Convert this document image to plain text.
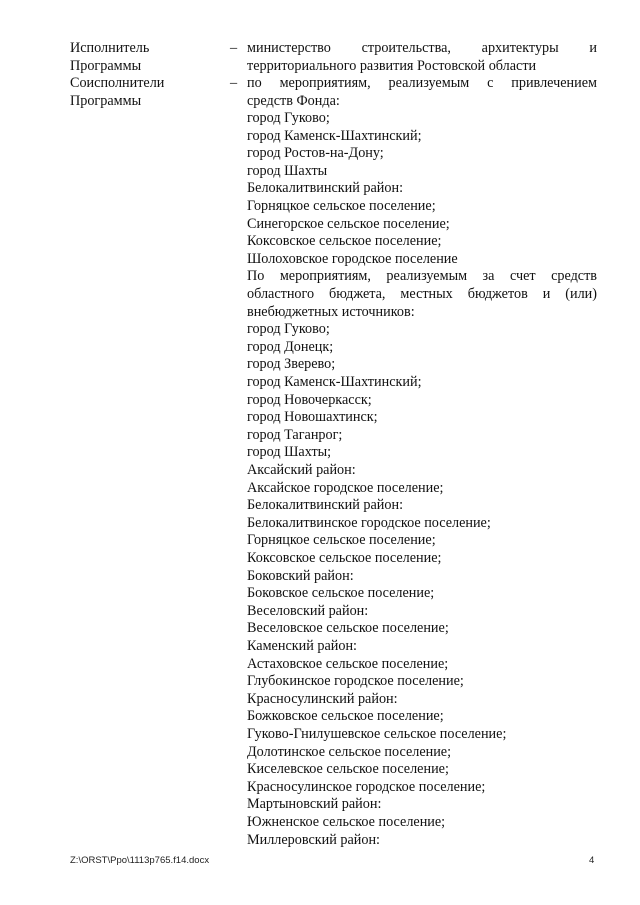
Исполнитель
Программы
– министерство строительства, архитектуры и
территориального развития Ростовской области
Соисполнители
Программы
– по мероприятиям, реализуемым с привлечением
средств Фонда:
город Гуково;
город Каменск-Шахтинский;
город Ростов-на-Дону;
город Шахты
Белокалитвинский район:
Горняцкое сельское поселение;
Синегорское сельское поселение;
Коксовское сельское поселение;
Шолоховское городское поселение
По мероприятиям, реализуемым за счет средств
областного бюджета, местных бюджетов и (или)
внебюджетных источников:
город Гуково;
город Донецк;
город Зверево;
город Каменск-Шахтинский;
город Новочеркасск;
город Новошахтинск;
город Таганрог;
город Шахты;
Аксайский район:
Аксайское городское поселение;
Белокалитвинский район:
Белокалитвинское городское поселение;
Горняцкое сельское поселение;
Коксовское сельское поселение;
Боковский район:
Боковское сельское поселение;
Веселовский район:
Веселовское сельское поселение;
Каменский район:
Астаховское сельское поселение;
Глубокинское городское поселение;
Красносулинский район:
Божковское сельское поселение;
Гуково-Гнилушевское сельское поселение;
Долотинское сельское поселение;
Киселевское сельское поселение;
Красносулинское городское поселение;
Мартыновский район:
Южненское сельское поселение;
Миллеровский район:
Z:\ORST\Ppo\1113p765.f14.docx	4
